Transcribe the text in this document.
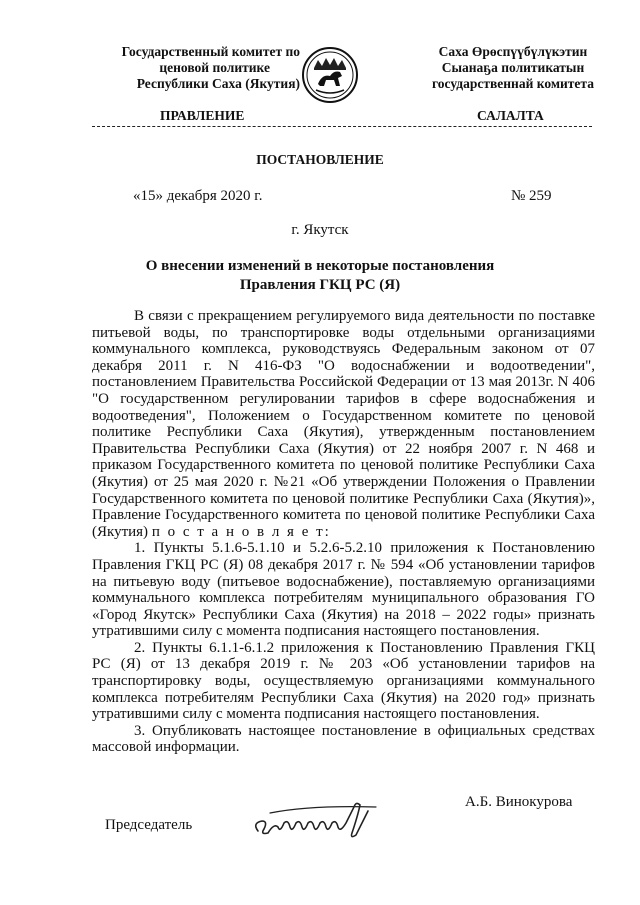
Государственный комитет по
ценовой политике
Республики Саха (Якутия)
Саха Өрөспүүбүлүкэтин
Сыанаҕа политикатын
государственнай комитета
ПРАВЛЕНИЕ	САЛАЛТА
ПОСТАНОВЛЕНИЕ
«15» декабря 2020 г.	№ 259
г. Якутск
О внесении изменений в некоторые постановления
Правления ГКЦ РС (Я)

В связи с прекращением регулируемого вида деятельности по поставке питьевой воды, по транспортировке воды отдельными организациями коммунального комплекса, руководствуясь Федеральным законом от 07 декабря 2011 г. N 416-ФЗ "О водоснабжении и водоотведении", постановлением Правительства Российской Федерации от 13 мая 2013г. N 406 "О государственном регулировании тарифов в сфере водоснабжения и водоотведения", Положением о Государственном комитете по ценовой политике Республики Саха (Якутия), утвержденным постановлением Правительства Республики Саха (Якутия) от 22 ноября 2007 г. N 468 и приказом Государственного комитета по ценовой политике Республики Саха (Якутия) от 25 мая 2020 г. №21 «Об утверждении Положения о Правлении Государственного комитета по ценовой политике Республики Саха (Якутия)», Правление Государственного комитета по ценовой политике Республики Саха (Якутия) п о с т а н о в л я е т:

1. Пункты 5.1.6-5.1.10 и 5.2.6-5.2.10 приложения к Постановлению Правления ГКЦ РС (Я) 08 декабря 2017 г. № 594 «Об установлении тарифов на питьевую воду (питьевое водоснабжение), поставляемую организациями коммунального комплекса потребителям муниципального образования ГО «Город Якутск» Республики Саха (Якутия) на 2018 – 2022 годы» признать утратившими силу с момента подписания настоящего постановления.

2. Пункты 6.1.1-6.1.2 приложения к Постановлению Правления ГКЦ РС (Я) от 13 декабря 2019 г. № 203 «Об установлении тарифов на транспортировку воды, осуществляемую организациями коммунального комплекса потребителям Республики Саха (Якутия) на 2020 год» признать утратившими силу с момента подписания настоящего постановления.

3. Опубликовать настоящее постановление в официальных средствах массовой информации.

А.Б. Винокурова
Председатель
